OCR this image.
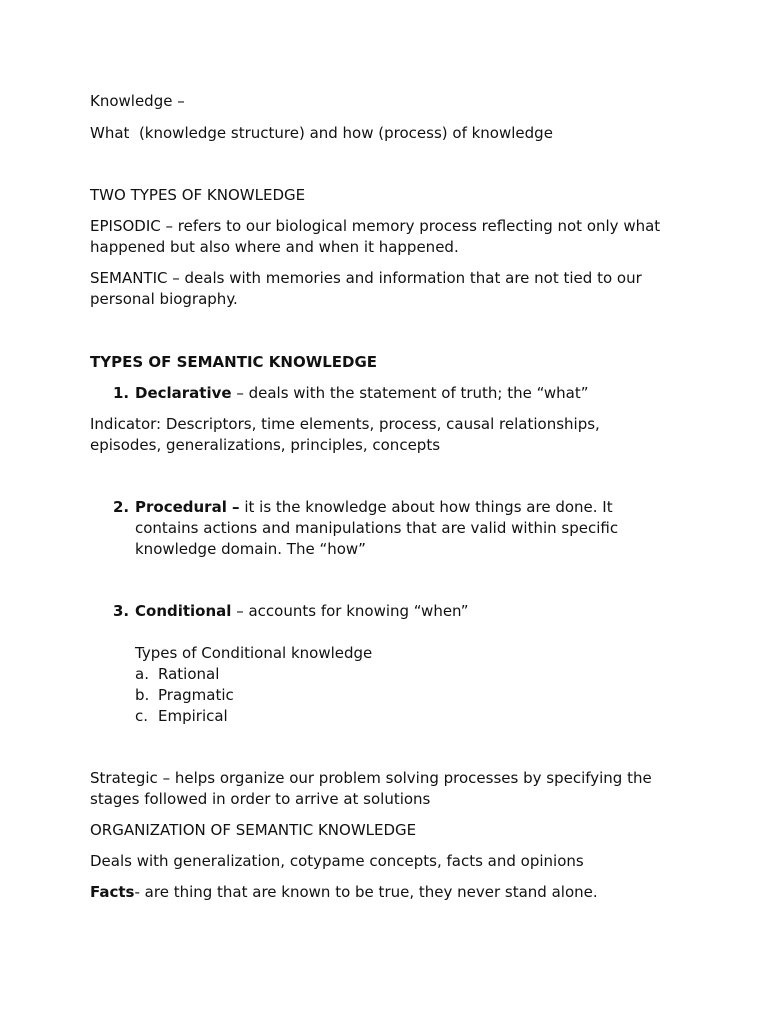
Knowledge –
What  (knowledge structure) and how (process) of knowledge
TWO TYPES OF KNOWLEDGE
EPISODIC – refers to our biological memory process reflecting not only what
happened but also where and when it happened.
SEMANTIC – deals with memories and information that are not tied to our
personal biography.
TYPES OF SEMANTIC KNOWLEDGE
1. Declarative – deals with the statement of truth; the “what”
Indicator: Descriptors, time elements, process, causal relationships,
episodes, generalizations, principles, concepts
2. Procedural – it is the knowledge about how things are done. It
contains actions and manipulations that are valid within specific
knowledge domain. The “how”
3. Conditional – accounts for knowing “when”
Types of Conditional knowledge
a. Rational
b. Pragmatic
c. Empirical
Strategic – helps organize our problem solving processes by specifying the
stages followed in order to arrive at solutions
ORGANIZATION OF SEMANTIC KNOWLEDGE
Deals with generalization, cotypame concepts, facts and opinions
Facts- are thing that are known to be true, they never stand alone.
